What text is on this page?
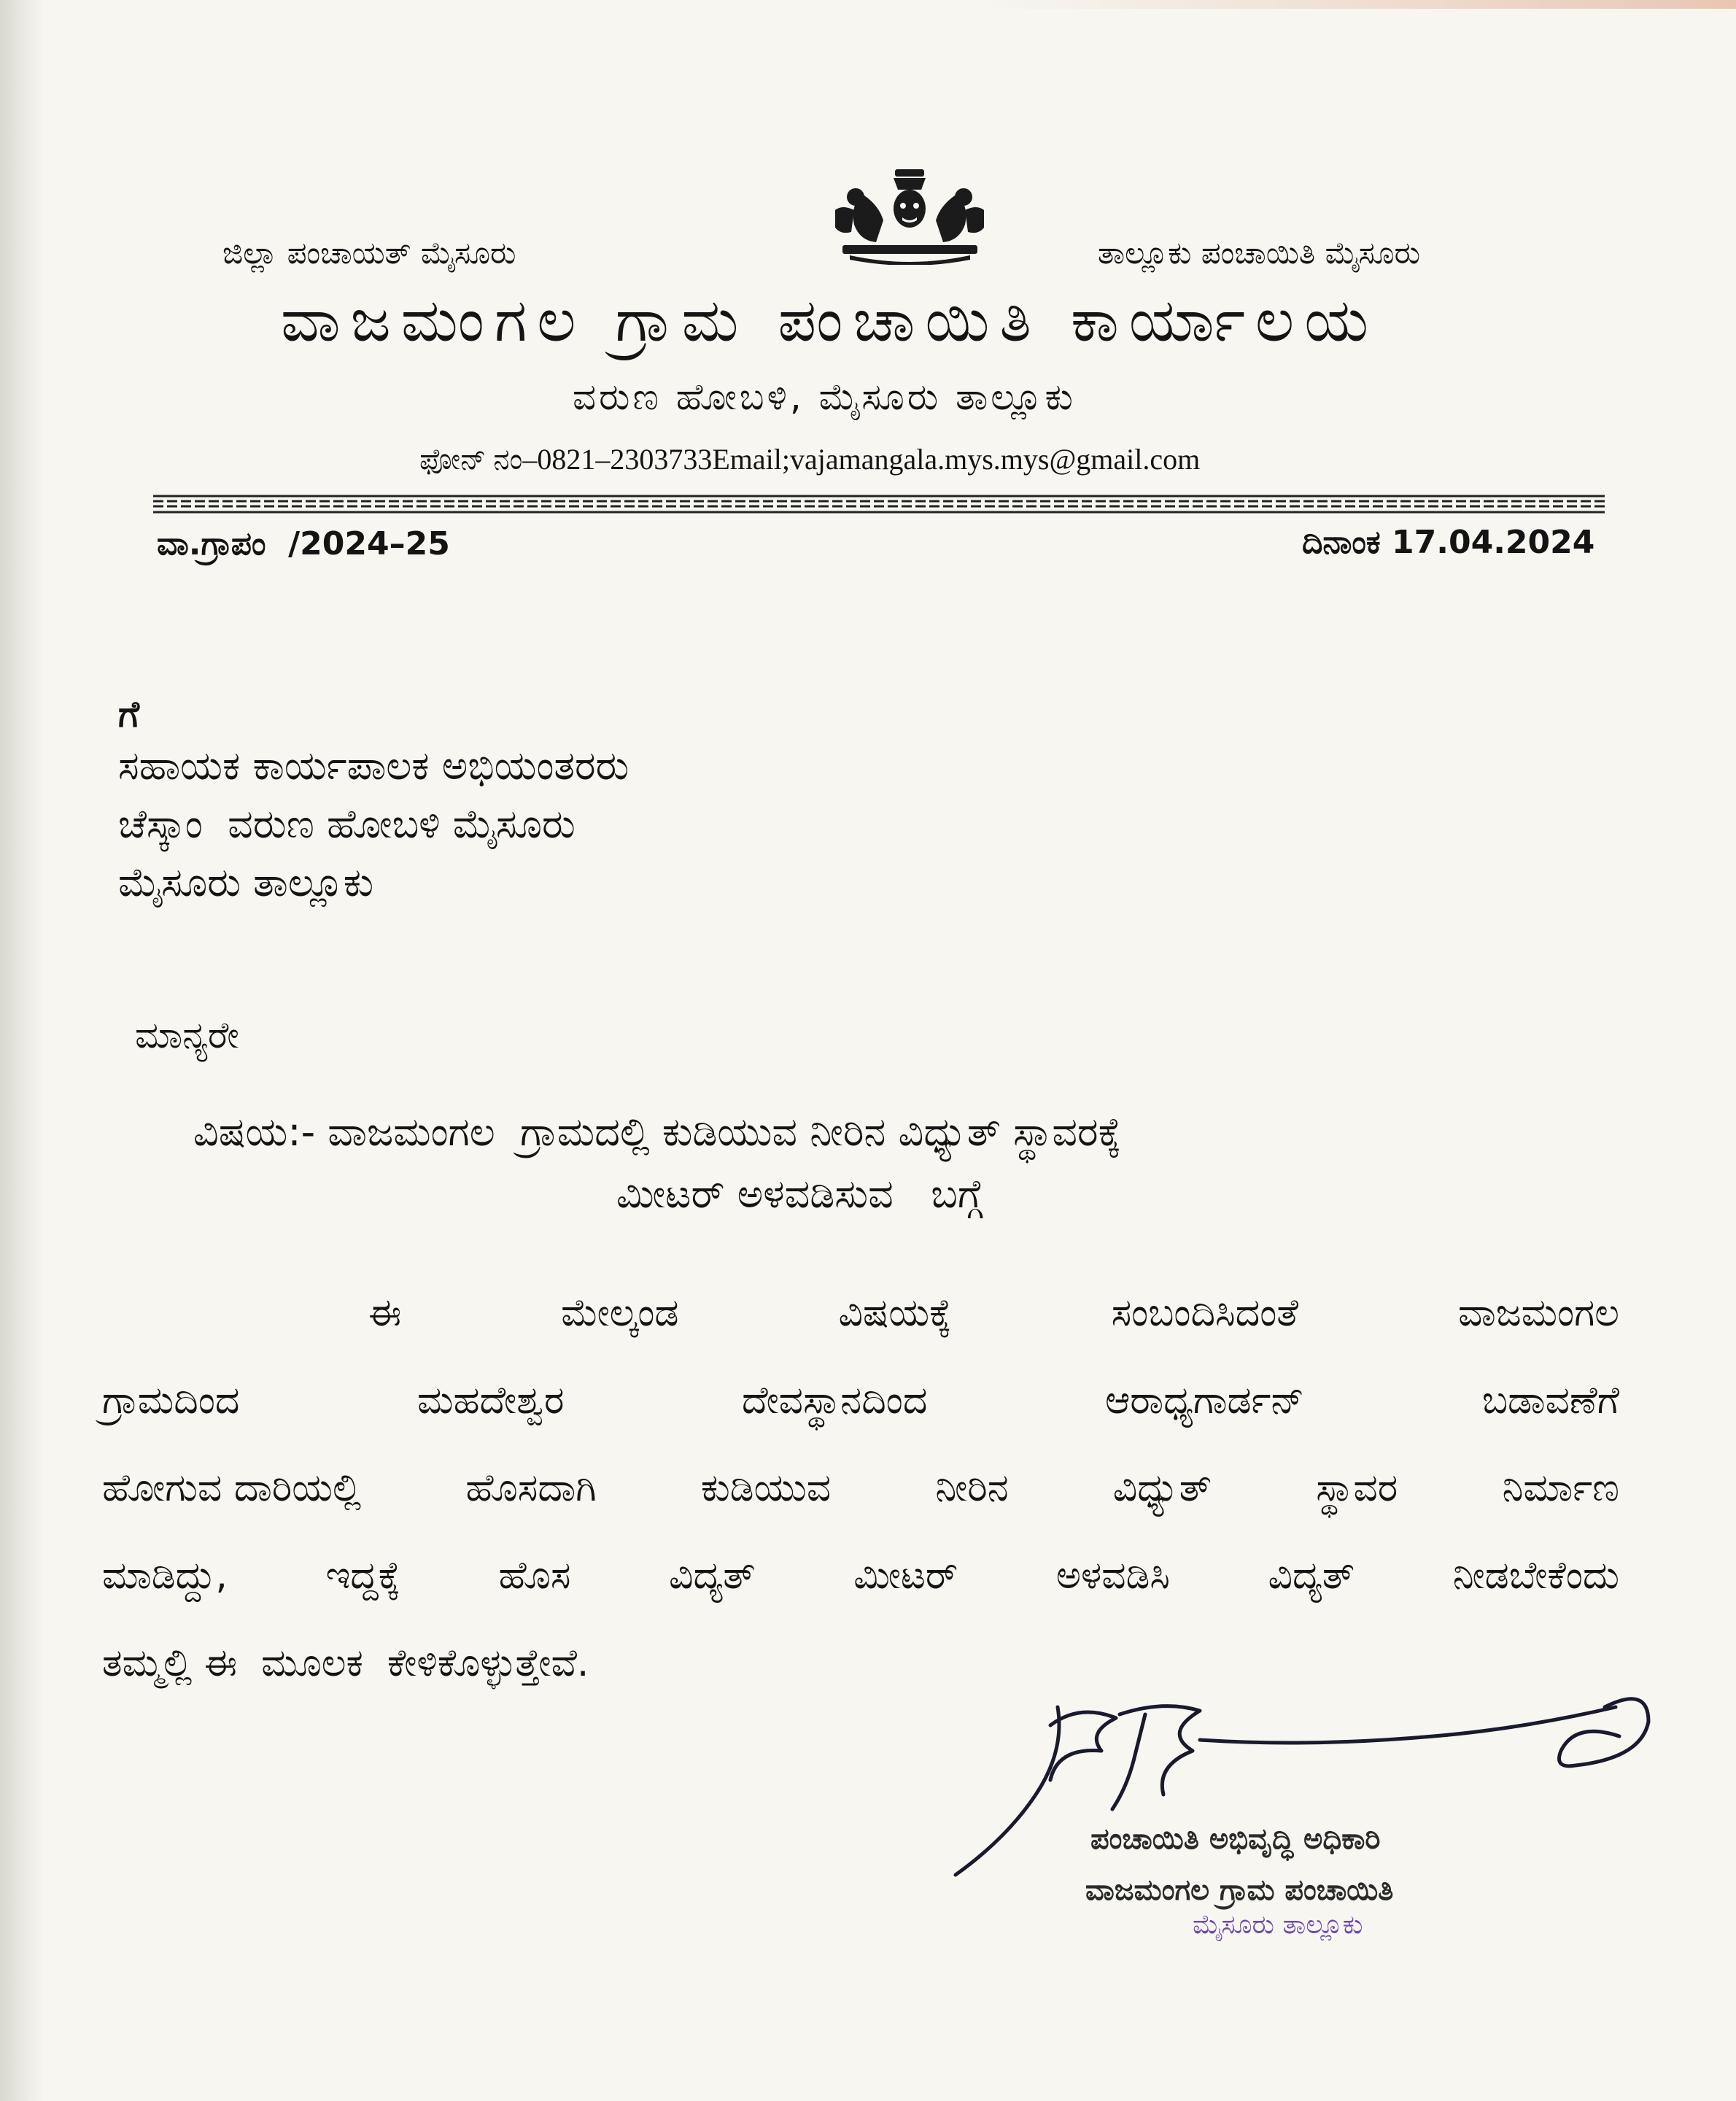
ಜಿಲ್ಲಾ ಪಂಚಾಯತ್ ಮೈಸೂರು	ತಾಲ್ಲೂಕು ಪಂಚಾಯಿತಿ ಮೈಸೂರು

ವಾಜಮಂಗಲ ಗ್ರಾಮ ಪಂಚಾಯಿತಿ ಕಾರ್ಯಾಲಯ

ವರುಣ ಹೋಬಳಿ, ಮೈಸೂರು ತಾಲ್ಲೂಕು

ಫೋನ್ ನಂ–0821–2303733Email;vajamangala.mys.mys@gmail.com

ವಾ.ಗ್ರಾಪಂ  /2024–25	ದಿನಾಂಕ 17.04.2024

ಗೆ

ಸಹಾಯಕ ಕಾರ್ಯಪಾಲಕ ಅಭಿಯಂತರರು

ಚೆಸ್ಕಾಂ  ವರುಣ ಹೋಬಳಿ ಮೈಸೂರು

ಮೈಸೂರು ತಾಲ್ಲೂಕು

ಮಾನ್ಯರೇ

ವಿಷಯ:- ವಾಜಮಂಗಲ  ಗ್ರಾಮದಲ್ಲಿ ಕುಡಿಯುವ ನೀರಿನ ವಿಧ್ಯುತ್ ಸ್ಥಾವರಕ್ಕೆ

ಮೀಟರ್ ಅಳವಡಿಸುವ   ಬಗ್ಗೆ

ಈ	ಮೇಲ್ಕಂಡ	ವಿಷಯಕ್ಕೆ	ಸಂಬಂದಿಸಿದಂತೆ	ವಾಜಮಂಗಲ
ಗ್ರಾಮದಿಂದ	ಮಹದೇಶ್ವರ	ದೇವಸ್ಥಾನದಿಂದ	ಆರಾಧ್ಯಗಾರ್ಡನ್	ಬಡಾವಣೆಗೆ
ಹೋಗುವ ದಾರಿಯಲ್ಲಿ	ಹೊಸದಾಗಿ	ಕುಡಿಯುವ	ನೀರಿನ	ವಿಧ್ಯುತ್	ಸ್ಥಾವರ	ನಿರ್ಮಾಣ
ಮಾಡಿದ್ದು,	ಇದ್ದಕ್ಕೆ	ಹೊಸ	ವಿದ್ಯತ್	ಮೀಟರ್	ಅಳವಡಿಸಿ	ವಿದ್ಯತ್	ನೀಡಬೇಕೆಂದು

ತಮ್ಮಲ್ಲಿ ಈ  ಮೂಲಕ  ಕೇಳಿಕೊಳ್ಳುತ್ತೇವೆ.

ಪಂಚಾಯಿತಿ ಅಭಿವೃದ್ಧಿ ಅಧಿಕಾರಿ

ವಾಜಮಂಗಲ ಗ್ರಾಮ ಪಂಚಾಯಿತಿ

ಮೈಸೂರು ತಾಲ್ಲೂಕು
